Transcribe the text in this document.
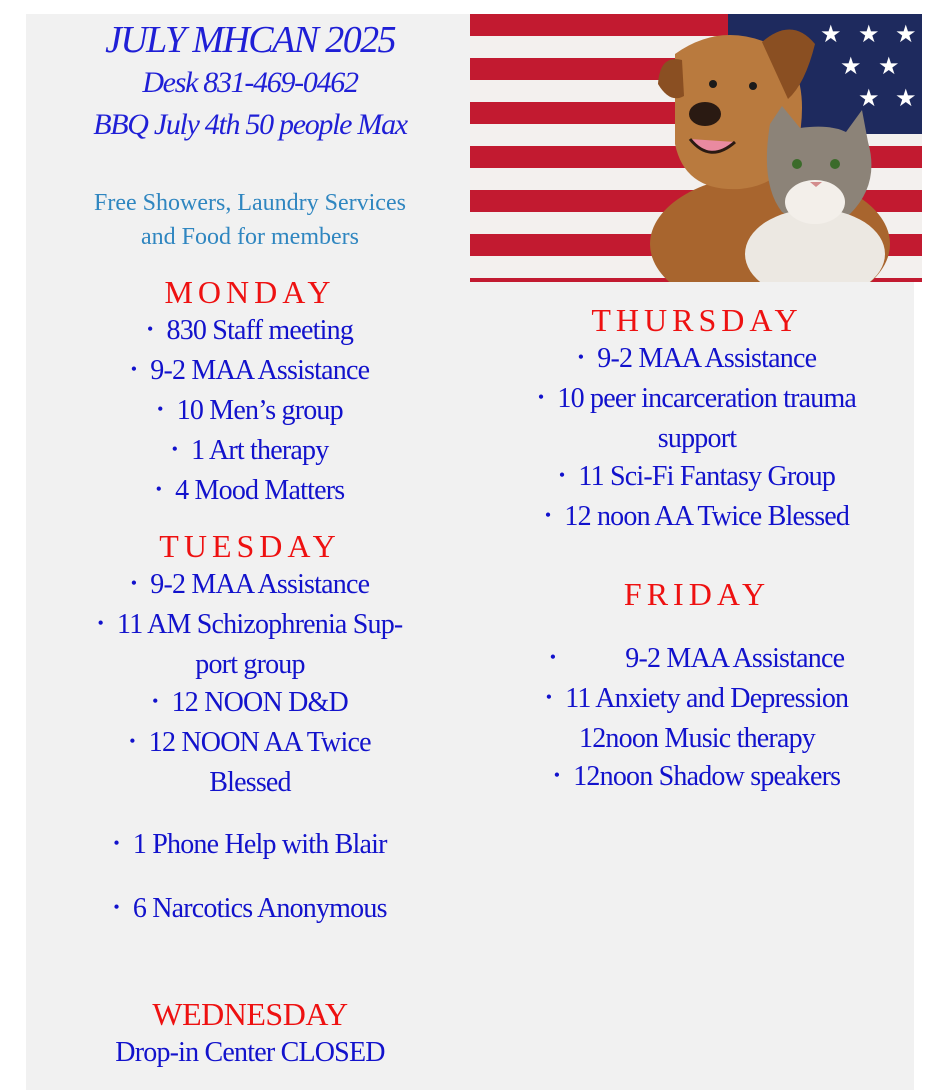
★ ★ ★
★ ★
★ ★
JULY MHCAN 2025
Desk 831-469-0462
BBQ July 4th 50 people Max
Free Showers, Laundry Services
and Food for members
MONDAY
• 830 Staff meeting
• 9-2 MAA Assistance
• 10 Men’s group
• 1 Art therapy
• 4 Mood Matters
TUESDAY
• 9-2 MAA Assistance
• 11 AM Schizophrenia Sup-
port group
• 12 NOON D&D
• 12 NOON AA Twice
Blessed
• 1 Phone Help with Blair
• 6 Narcotics Anonymous
WEDNESDAY
Drop-in Center CLOSED
THURSDAY
• 9-2 MAA Assistance
• 10 peer incarceration trauma
support
• 11 Sci-Fi Fantasy Group
• 12 noon AA Twice Blessed
FRIDAY
•	9-2 MAA Assistance
• 11 Anxiety and Depression
12noon Music therapy
• 12noon Shadow speakers
